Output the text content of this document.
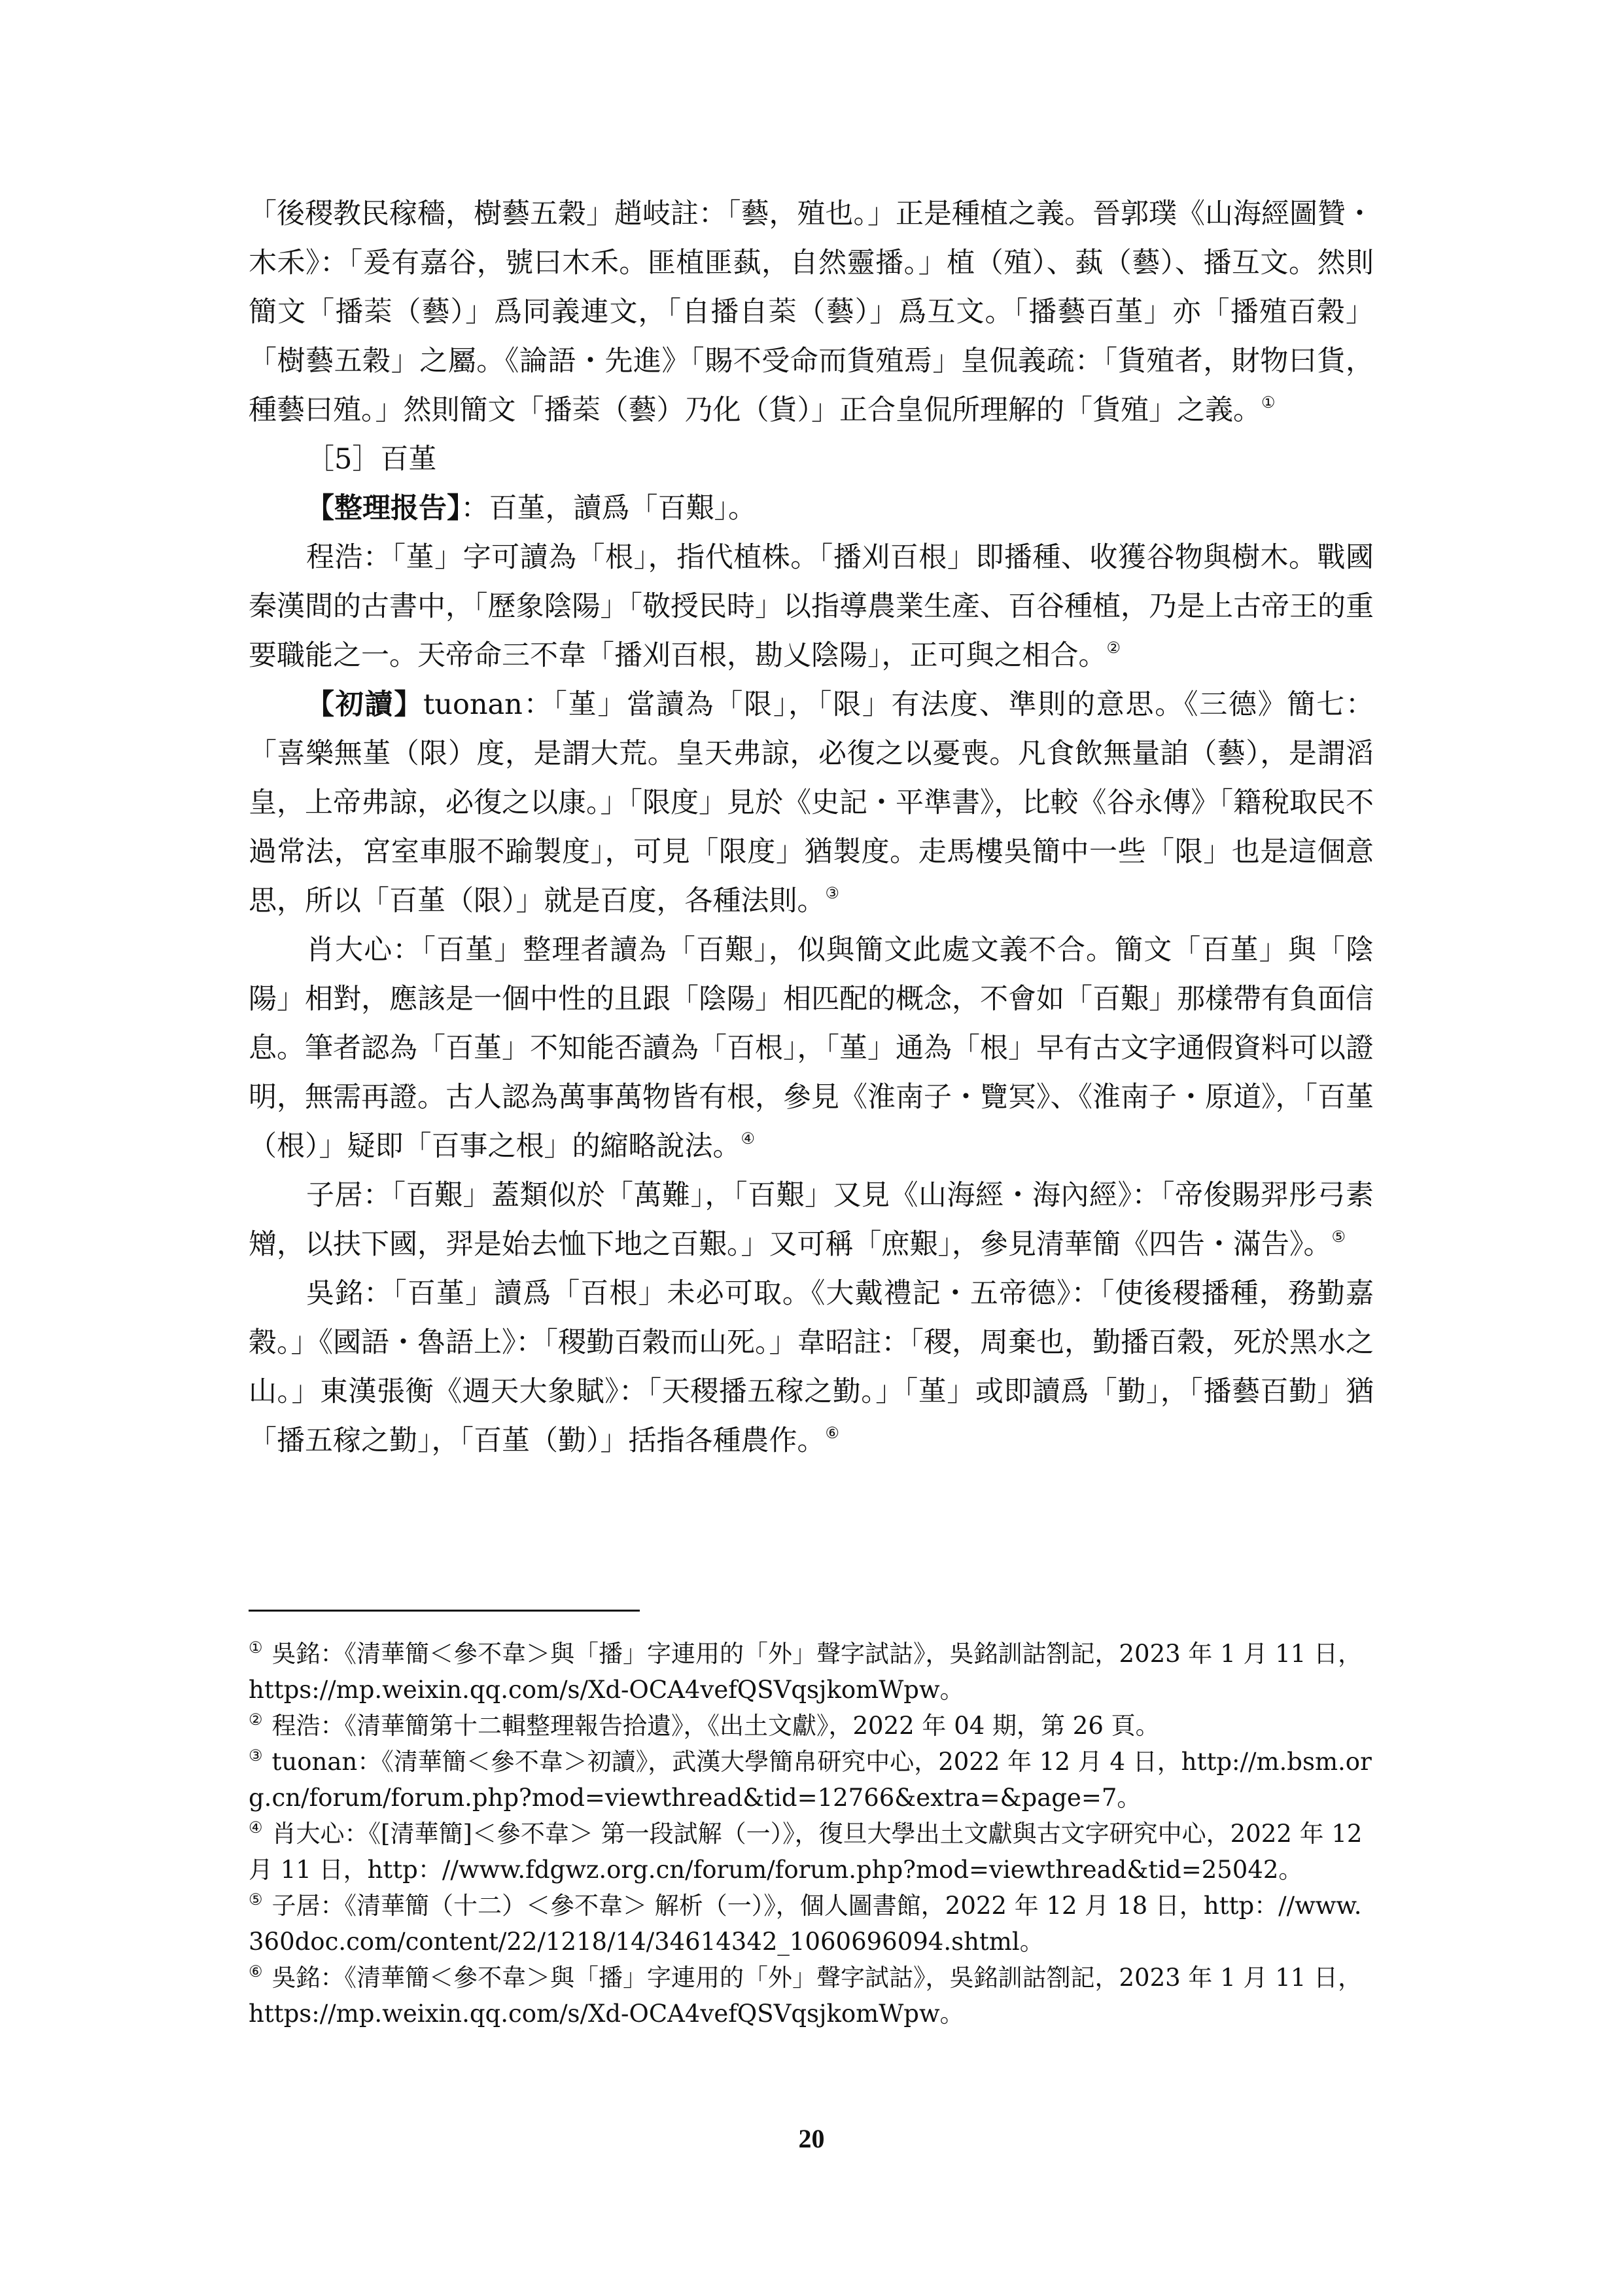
「後稷教民稼穡，樹藝五穀」趙岐註：「藝，殖也。」正是種植之義。晉郭璞《山海經圖贊・木禾》：「爰有嘉谷，號曰木禾。匪植匪蓺，自然靈播。」植（殖）、蓺（藝）、播互文。然則簡文「播𦯧（藝）」爲同義連文，「自播自𦯧（藝）」爲互文。「播藝百堇」亦「播殖百穀」「樹藝五穀」之屬。《論語・先進》「賜不受命而貨殖焉」皇侃義疏：「貨殖者，財物曰貨，種藝曰殖。」然則簡文「播𦯧（藝）乃化（貨）」正合皇侃所理解的「貨殖」之義。①

［5］百堇

【整理报告】：百堇，讀爲「百艱」。

程浩：「堇」字可讀為「根」，指代植株。「播刈百根」即播種、收獲谷物與樹木。戰國秦漢間的古書中，「歷象陰陽」「敬授民時」以指導農業生產、百谷種植，乃是上古帝王的重要職能之一。天帝命三不韋「播刈百根，勘乂陰陽」，正可與之相合。②

【初讀】tuonan：「堇」當讀為「限」，「限」有法度、準則的意思。《三德》簡七：「喜樂無堇（限）度，是謂大荒。皇天弗諒，必復之以憂喪。凡食飲無量詯（藝），是謂滔皇，上帝弗諒，必復之以康。」「限度」見於《史記・平準書》，比較《谷永傳》「籍稅取民不過常法，宮室車服不踰製度」，可見「限度」猶製度。走馬樓吳簡中一些「限」也是這個意思，所以「百堇（限）」就是百度，各種法則。③

肖大心：「百堇」整理者讀為「百艱」，似與簡文此處文義不合。簡文「百堇」與「陰陽」相對，應該是一個中性的且跟「陰陽」相匹配的概念，不會如「百艱」那樣帶有負面信息。筆者認為「百堇」不知能否讀為「百根」，「堇」通為「根」早有古文字通假資料可以證明，無需再證。古人認為萬事萬物皆有根，參見《淮南子・覽冥》、《淮南子・原道》，「百堇（根）」疑即「百事之根」的縮略說法。④

子居：「百艱」蓋類似於「萬難」，「百艱」又見《山海經・海內經》：「帝俊賜羿彤弓素矰，以扶下國，羿是始去恤下地之百艱。」又可稱「庶艱」，參見清華簡《四告・滿告》。⑤

吳銘：「百堇」讀爲「百根」未必可取。《大戴禮記・五帝德》：「使後稷播種，務勤嘉穀。」《國語・魯語上》：「稷勤百穀而山死。」韋昭註：「稷，周棄也，勤播百穀，死於黑水之山。」東漢張衡《週天大象賦》：「天稷播五稼之勤。」「堇」或即讀爲「勤」，「播藝百勤」猶「播五稼之勤」，「百堇（勤）」括指各種農作。⑥

① 吳銘：《清華簡＜參不韋＞與「播」字連用的「外」聲字試詁》，吳銘訓詁劄記，2023 年 1 月 11 日，https://mp.weixin.qq.com/s/Xd-OCA4vefQSVqsjkomWpw。

② 程浩：《清華簡第十二輯整理報告拾遺》，《出土文獻》，2022 年 04 期，第 26 頁。

③ tuonan：《清華簡＜參不韋＞初讀》，武漢大學簡帛研究中心，2022 年 12 月 4 日，http://m.bsm.org.cn/forum/forum.php?mod=viewthread&tid=12766&extra=&page=7。

④ 肖大心：《[清華簡]＜參不韋＞ 第一段試解（一）》，復旦大學出土文獻與古文字研究中心，2022 年 12 月 11 日，http：//www.fdgwz.org.cn/forum/forum.php?mod=viewthread&tid=25042。

⑤ 子居：《清華簡（十二）＜參不韋＞ 解析（一）》，個人圖書館，2022 年 12 月 18 日，http：//www.360doc.com/content/22/1218/14/34614342_1060696094.shtml。

⑥ 吳銘：《清華簡＜參不韋＞與「播」字連用的「外」聲字試詁》，吳銘訓詁劄記，2023 年 1 月 11 日，https://mp.weixin.qq.com/s/Xd-OCA4vefQSVqsjkomWpw。

20
